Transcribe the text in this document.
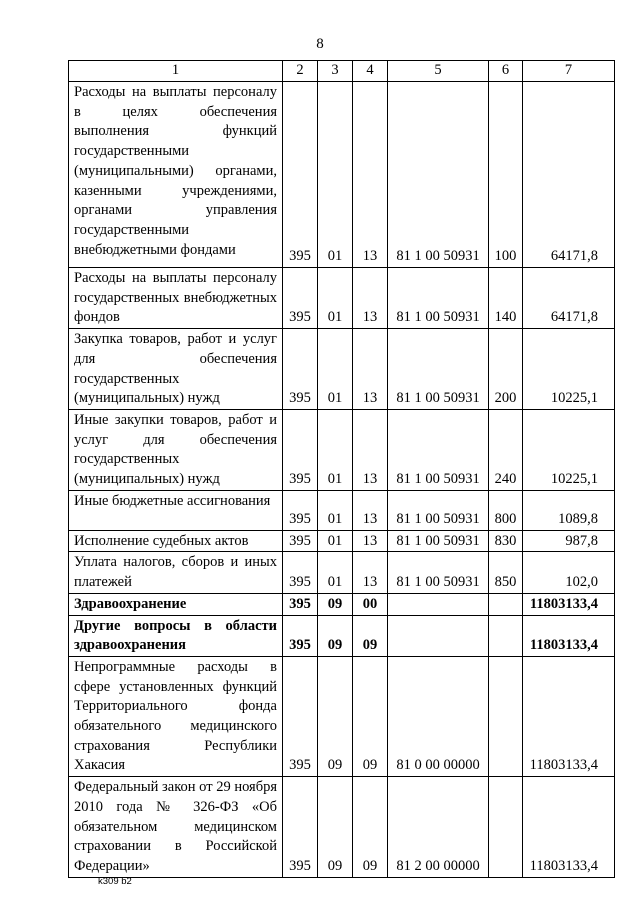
8
1	2	3	4	5	6	7
Расходы на выплаты персоналу в целях обеспечения выполнения функций государственными (муниципальными) органами, казенными учреждениями, органами управления государственными внебюджетными фондами	395	01	13	81 1 00 50931	100	64171,8
Расходы на выплаты персоналу государственных внебюджетных фондов	395	01	13	81 1 00 50931	140	64171,8
Закупка товаров, работ и услуг для обеспечения государственных (муниципальных) нужд	395	01	13	81 1 00 50931	200	10225,1
Иные закупки товаров, работ и услуг для обеспечения государственных (муниципальных) нужд	395	01	13	81 1 00 50931	240	10225,1
Иные бюджетные ассигнования	395	01	13	81 1 00 50931	800	1089,8
Исполнение судебных актов	395	01	13	81 1 00 50931	830	987,8
Уплата налогов, сборов и иных платежей	395	01	13	81 1 00 50931	850	102,0
Здравоохранение	395	09	00			11803133,4
Другие вопросы в области здравоохранения	395	09	09			11803133,4
Непрограммные расходы в сфере установленных функций Территориального фонда обязательного медицинского страхования Республики Хакасия	395	09	09	81 0 00 00000		11803133,4
Федеральный закон от 29 ноября 2010 года № 326-ФЗ «Об обязательном медицинском страховании в Российской Федерации»	395	09	09	81 2 00 00000		11803133,4
k309 b2
